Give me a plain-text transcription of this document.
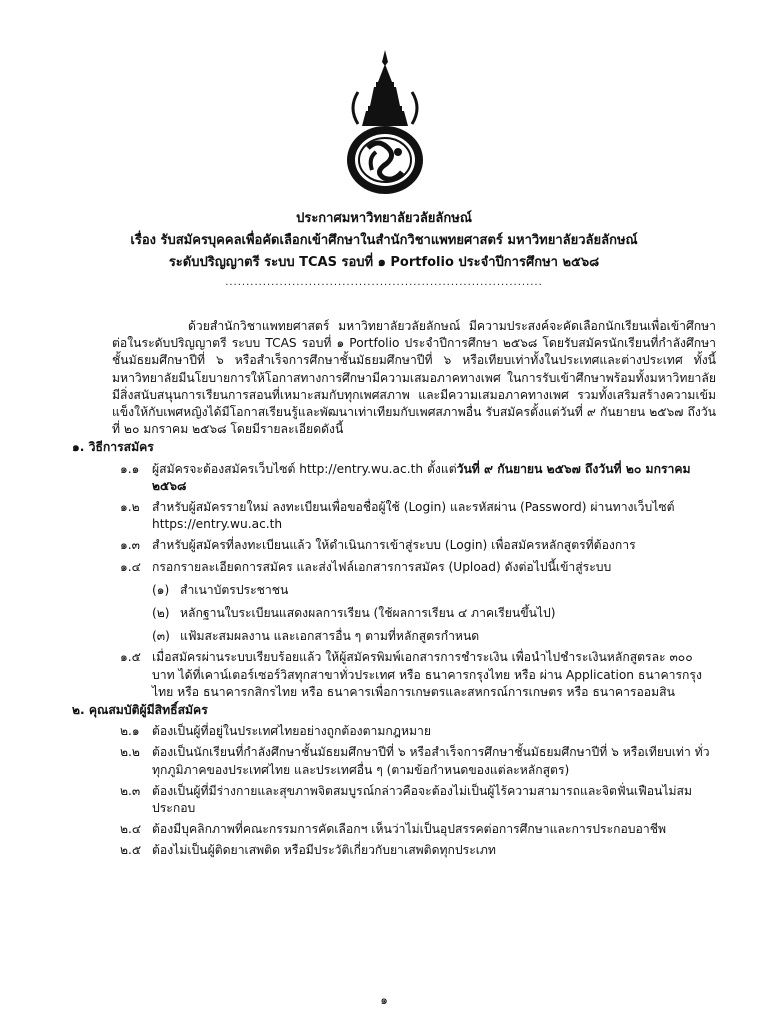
ประกาศมหาวิทยาลัยวลัยลักษณ์
เรื่อง รับสมัครบุคคลเพื่อคัดเลือกเข้าศึกษาในสำนักวิชาแพทยศาสตร์ มหาวิทยาลัยวลัยลักษณ์
ระดับปริญญาตรี ระบบ TCAS รอบที่ ๑ Portfolio ประจำปีการศึกษา ๒๕๖๘
............................................................................

ด้วยสำนักวิชาแพทยศาสตร์ มหาวิทยาลัยวลัยลักษณ์ มีความประสงค์จะคัดเลือกนักเรียนเพื่อเข้าศึกษาต่อในระดับปริญญาตรี ระบบ TCAS รอบที่ ๑ Portfolio ประจำปีการศึกษา ๒๕๖๘ โดยรับสมัครนักเรียนที่กำลังศึกษาชั้นมัธยมศึกษาปีที่ ๖ หรือสำเร็จการศึกษาชั้นมัธยมศึกษาปีที่ ๖ หรือเทียบเท่าทั้งในประเทศและต่างประเทศ ทั้งนี้ มหาวิทยาลัยมีนโยบายการให้โอกาสทางการศึกษามีความเสมอภาคทางเพศ ในการรับเข้าศึกษาพร้อมทั้งมหาวิทยาลัยมีสิ่งสนับสนุนการเรียนการสอนที่เหมาะสมกับทุกเพศสภาพ และมีความเสมอภาคทางเพศ รวมทั้งเสริมสร้างความเข้มแข็งให้กับเพศหญิงได้มีโอกาสเรียนรู้และพัฒนาเท่าเทียมกับเพศสภาพอื่น รับสมัครตั้งแต่วันที่ ๙ กันยายน ๒๕๖๗ ถึงวันที่ ๒๐ มกราคม ๒๕๖๘ โดยมีรายละเอียดดังนี้

๑. วิธีการสมัคร
๑.๑	ผู้สมัครจะต้องสมัครเว็บไซต์ http://entry.wu.ac.th ตั้งแต่วันที่ ๙ กันยายน ๒๕๖๗ ถึงวันที่ ๒๐ มกราคม ๒๕๖๘
๑.๒	สำหรับผู้สมัครรายใหม่ ลงทะเบียนเพื่อขอชื่อผู้ใช้ (Login) และรหัสผ่าน (Password) ผ่านทางเว็บไซต์ https://entry.wu.ac.th
๑.๓ สำหรับผู้สมัครที่ลงทะเบียนแล้ว ให้ดำเนินการเข้าสู่ระบบ (Login) เพื่อสมัครหลักสูตรที่ต้องการ
๑.๔ กรอกรายละเอียดการสมัคร และส่งไฟล์เอกสารการสมัคร (Upload) ดังต่อไปนี้เข้าสู่ระบบ
(๑) สำเนาบัตรประชาชน
(๒) หลักฐานใบระเบียนแสดงผลการเรียน (ใช้ผลการเรียน ๔ ภาคเรียนขึ้นไป)
(๓) แฟ้มสะสมผลงาน และเอกสารอื่น ๆ ตามที่หลักสูตรกำหนด
๑.๕ เมื่อสมัครผ่านระบบเรียบร้อยแล้ว ให้ผู้สมัครพิมพ์เอกสารการชำระเงิน เพื่อนำไปชำระเงินหลักสูตรละ ๓๐๐ บาท ได้ที่เคาน์เตอร์เซอร์วิสทุกสาขาทั่วประเทศ หรือ ธนาคารกรุงไทย หรือ ผ่าน Application ธนาคารกรุงไทย หรือ ธนาคารกสิกรไทย หรือ ธนาคารเพื่อการเกษตรและสหกรณ์การเกษตร หรือ ธนาคารออมสิน
๒. คุณสมบัติผู้มีสิทธิ์สมัคร
๒.๑	ต้องเป็นผู้ที่อยู่ในประเทศไทยอย่างถูกต้องตามกฎหมาย
๒.๒ ต้องเป็นนักเรียนที่กำลังศึกษาชั้นมัธยมศึกษาปีที่ ๖ หรือสำเร็จการศึกษาชั้นมัธยมศึกษาปีที่ ๖ หรือเทียบเท่า ทั่วทุกภูมิภาคของประเทศไทย และประเทศอื่น ๆ (ตามข้อกำหนดของแต่ละหลักสูตร)
๒.๓ ต้องเป็นผู้ที่มีร่างกายและสุขภาพจิตสมบูรณ์กล่าวคือจะต้องไม่เป็นผู้ไร้ความสามารถและจิตฟั่นเฟือนไม่สมประกอบ
๒.๔ ต้องมีบุคลิกภาพที่คณะกรรมการคัดเลือกฯ เห็นว่าไม่เป็นอุปสรรคต่อการศึกษาและการประกอบอาชีพ
๒.๕ ต้องไม่เป็นผู้ติดยาเสพติด หรือมีประวัติเกี่ยวกับยาเสพติดทุกประเภท
๑
